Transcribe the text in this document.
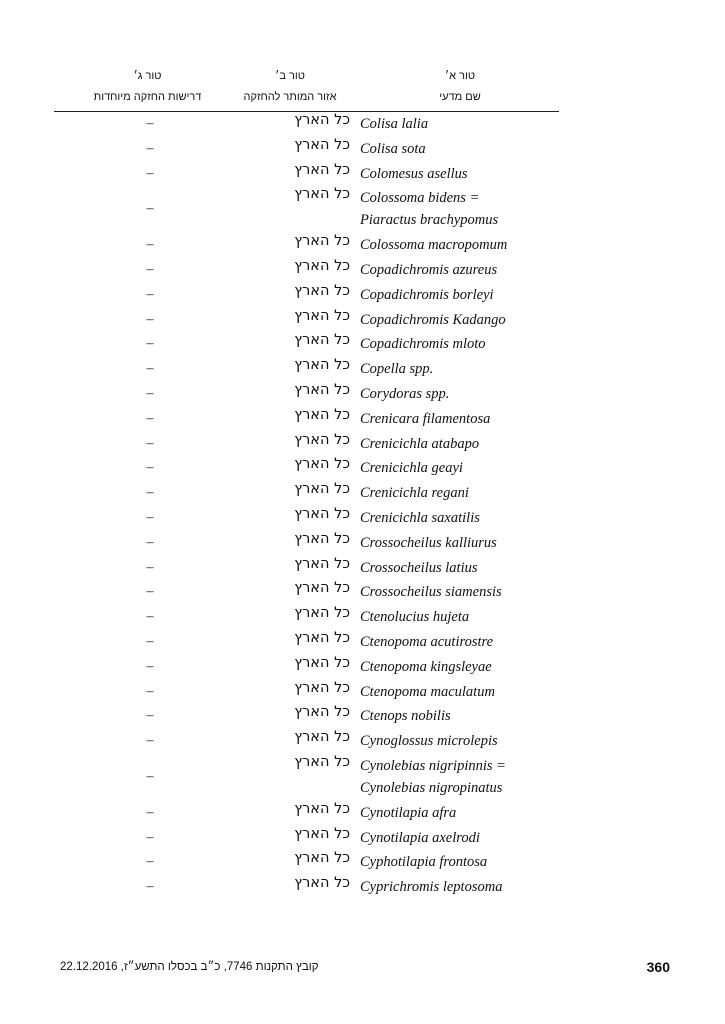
טור א׳
שם מדעי
טור ב׳
אזור המותר להחזקה
טור ג׳
דרישות החזקה מיוחדות
Colisa lalia
כל הארץ
–
Colisa sota
כל הארץ
–
Colomesus asellus
כל הארץ
–
Colossoma bidens =
Piaractus brachypomus
כל הארץ
–
Colossoma macropomum
כל הארץ
–
Copadichromis azureus
כל הארץ
–
Copadichromis borleyi
כל הארץ
–
Copadichromis Kadango
כל הארץ
–
Copadichromis mloto
כל הארץ
–
Copella spp.
כל הארץ
–
Corydoras spp.
כל הארץ
–
Crenicara filamentosa
כל הארץ
–
Crenicichla atabapo
כל הארץ
–
Crenicichla geayi
כל הארץ
–
Crenicichla regani
כל הארץ
–
Crenicichla saxatilis
כל הארץ
–
Crossocheilus kalliurus
כל הארץ
–
Crossocheilus latius
כל הארץ
–
Crossocheilus siamensis
כל הארץ
–
Ctenolucius hujeta
כל הארץ
–
Ctenopoma acutirostre
כל הארץ
–
Ctenopoma kingsleyae
כל הארץ
–
Ctenopoma maculatum
כל הארץ
–
Ctenops nobilis
כל הארץ
–
Cynoglossus microlepis
כל הארץ
–
Cynolebias nigripinnis =
Cynolebias nigropinatus
כל הארץ
–
Cynotilapia afra
כל הארץ
–
Cynotilapia axelrodi
כל הארץ
–
Cyphotilapia frontosa
כל הארץ
–
Cyprichromis leptosoma
כל הארץ
–
קובץ התקנות 7746, כ״ב בכסלו התשע״ז, 22.12.2016	360
